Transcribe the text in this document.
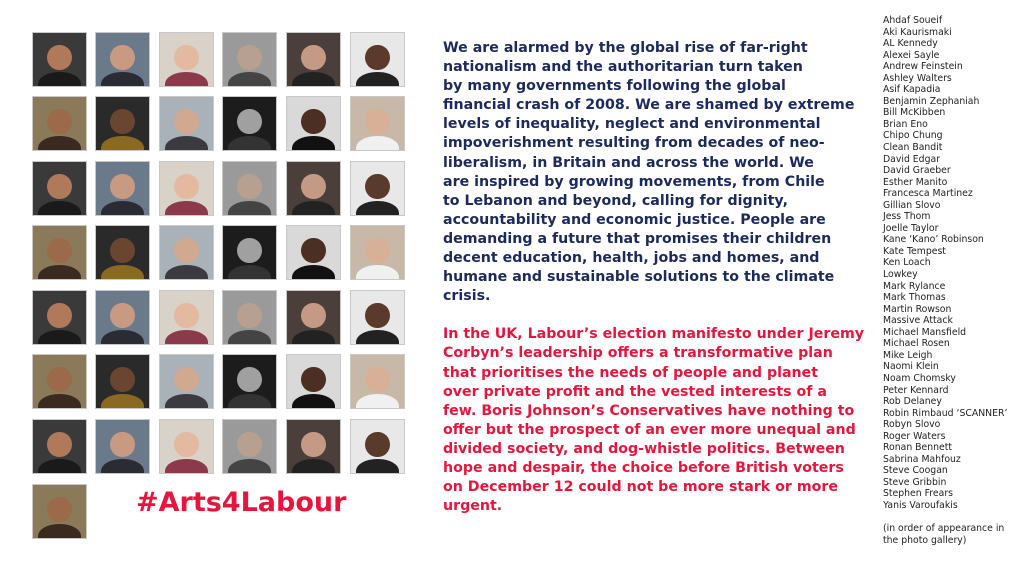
#Arts4Labour

We are alarmed by the global rise of far-right

nationalism and the authoritarian turn taken

by many governments following the global

financial crash of 2008. We are shamed by extreme

levels of inequality, neglect and environmental

impoverishment resulting from decades of neo-

liberalism, in Britain and across the world. We

are inspired by growing movements, from Chile

to Lebanon and beyond, calling for dignity,

accountability and economic justice. People are

demanding a future that promises their children

decent education, health, jobs and homes, and

humane and sustainable solutions to the climate

crisis.

In the UK, Labour’s election manifesto under Jeremy

Corbyn’s leadership offers a transformative plan

that prioritises the needs of people and planet

over private profit and the vested interests of a

few. Boris Johnson’s Conservatives have nothing to

offer but the prospect of an ever more unequal and

divided society, and dog-whistle politics. Between

hope and despair, the choice before British voters

on December 12 could not be more stark or more

urgent.

Ahdaf Soueif
Aki Kaurismaki
AL Kennedy
Alexei Sayle
Andrew Feinstein
Ashley Walters
Asif Kapadia
Benjamin Zephaniah
Bill McKibben
Brian Eno
Chipo Chung
Clean Bandit
David Edgar
David Graeber
Esther Manito
Francesca Martinez
Gillian Slovo
Jess Thom
Joelle Taylor
Kane ‘Kano’ Robinson
Kate Tempest
Ken Loach
Lowkey
Mark Rylance
Mark Thomas
Martin Rowson
Massive Attack
Michael Mansfield
Michael Rosen
Mike Leigh
Naomi Klein
Noam Chomsky
Peter Kennard
Rob Delaney
Robin Rimbaud ‘SCANNER’
Robyn Slovo
Roger Waters
Ronan Bennett
Sabrina Mahfouz
Steve Coogan
Steve Gribbin
Stephen Frears
Yanis Varoufakis
(in order of appearance in
the photo gallery)
